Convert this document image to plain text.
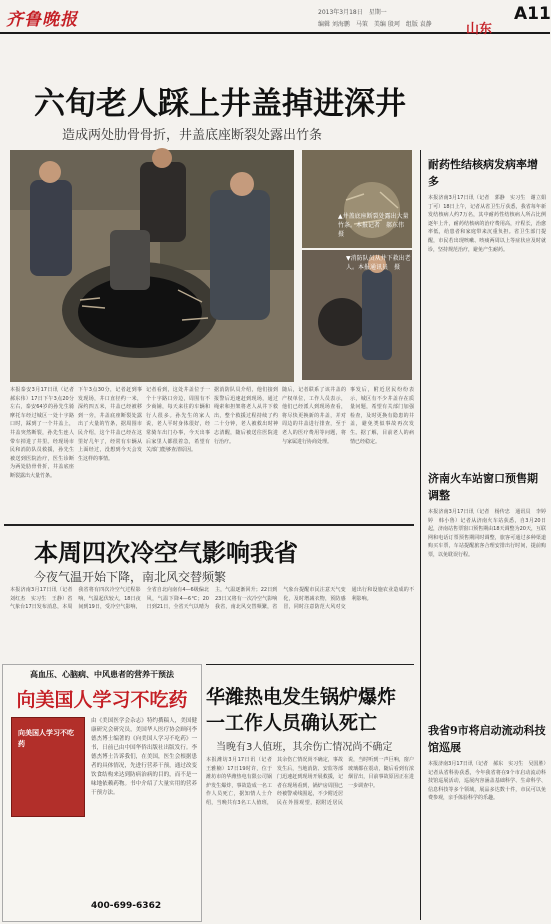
齐鲁晚报	2013年3月18日　星期一
编辑 刘海鹏　马策　美编 殷珂　组版 袁静	山东
A11
六旬老人踩上井盖掉进深井
造成两处肋骨骨折，井盖底座断裂处露出竹条
▲井盖底座断裂处露出大量竹条。本报记者　郝东伟　摄
▼消防队员从井下救出老人。本报通讯员　摄
本报泰安3月17日讯（记者　郝东伟）17日下午3点20分左右，泰安64岁的孙先生骑摩托车经过城区一处十字路口时，踩到了一个井盖上，井盖突然断裂，孙先生连人带车掉进了井里。经现场市民和消防队员救援，孙先生被送到医院治疗，医生诊断为两处肋骨骨折，井盖底座断裂露出大量竹条。
下午3点30分，记者赶到事发现场，井口直径约一米，深约四五米，井盖已经被移到一旁，井盖底座断裂处露出了大量的竹条，据周围市民介绍，这个井盖已经在这里好几年了，经常有车辆从上面经过，没想到今天会发生这样的事情。
记者看到，这处井盖位于一个十字路口旁边，周围有不少商铺，每天来往的车辆和行人很多。孙先生的家人说，老人平时身体很好，经常骑车出门办事，今天出事后家里人都很着急，希望有关部门能够查清原因。
据消防队员介绍，他们接到报警后迅速赶到现场，通过绳索和担架将老人从井下救出，整个救援过程持续了约二十分钟，老人被救出时神志清醒，随后被送往医院进行治疗。
随后，记者联系了该井盖的产权单位，工作人员表示，他们已经派人到现场查看，将尽快更换新的井盖，并对周边的井盖进行排查，至于老人的医疗费用等问题，将与家属进行协商处理。
事发后，附近居民纷纷表示，城区有不少井盖存在质量问题，希望有关部门加强检查，及时更换有隐患的井盖，避免类似事故再次发生。据了解，目前老人的病情已经稳定。
耐药性结核病发病率增多
本报济南3月17日讯（记者　郭静　实习生　谢立娟　丁可）18日上午，记者从省卫生厅获悉，我省每年新发结核病人约7万名，其中耐药性结核病人所占比例逐年上升，耐药结核病的治疗费用高，疗程长，治愈率低，给患者和家庭带来沉重负担。省卫生部门提醒，市民若出现咳嗽、咳痰两周以上等症状应及时就诊，坚持规范治疗，避免产生耐药。
济南火车站窗口预售期调整
本报济南3月17日讯（记者　杨传忠　通讯员　李婷婷　韩小鲁）记者从济南火车站获悉，自3月20日起，济南站售票窗口预售期由18天调整为20天，互联网和电话订票预售期同时调整，旅客可通过多种渠道购买车票，车站提醒旅客合理安排出行时间，提前购票，以免耽误行程。
我省9市将启动流动科技馆巡展
本报济南3月17日讯（记者　郝东　实习生　吴国胜）记者从省科协获悉，今年我省将在9个市启动流动科技馆巡展活动，巡展内容涵盖基础科学、生命科学、信息科技等多个领域，展品多达数十件，市民可以免费参观，亲手体验科学的乐趣。
本周四次冷空气影响我省
今夜气温开始下降，南北风交替频繁
本报济南3月17日讯（记者　刘红杰　实习生　王静）省气象台17日发布消息，本周我省将有四次冷空气过程影响，气温起伏较大，18日夜间到19日，受冷空气影响，全省自北向南有4—6级偏北风，气温下降4—6℃；20日到21日，全省天气以晴为主，气温逐渐回升；22日到23日又将有一次冷空气影响我省，南北风交替频繁，省气象台提醒市民注意天气变化，及时增减衣物，预防感冒，同时注意防范大风对交通出行和设施农业造成的不利影响。
高血压、心脑病、中风患者的营养干预法
向美国人学习不吃药
向美国人学习不吃药
由《美国医学会杂志》特约撰稿人，美国健康研究会研究员，美国华人医疗协会顾问李德杰博士编著的《向美国人学习不吃药》一书，日前已由中国华侨出版社出版发行。李德杰博士告诉我们，在美国，医生会根据患者的具体情况，先进行营养干预，通过改变饮食结构来达到防病治病的目的，而不是一味地依赖药物。书中介绍了大量实用的营养干预方法。
400-699-6362
华潍热电发生锅炉爆炸
一工作人员确认死亡
当晚有3人值班，其余伤亡情况尚不确定
本报潍坊3月17日讯（记者　王雅楠）17日19时许，位于潍坊市的华潍热电有限公司锅炉发生爆炸，事故造成一名工作人员死亡，据知情人士介绍，当晚共有3名工人值班，其余伤亡情况尚不确定，事故发生后，当地消防、安监等部门迅速赶到现场开展救援，记者在现场看到，锅炉房周围已经被警戒线围起，不少附近居民在外围观望，据附近居民说，当时听到一声巨响，窗户玻璃都在震动，随后看到有浓烟冒出，目前事故原因正在进一步调查中。
